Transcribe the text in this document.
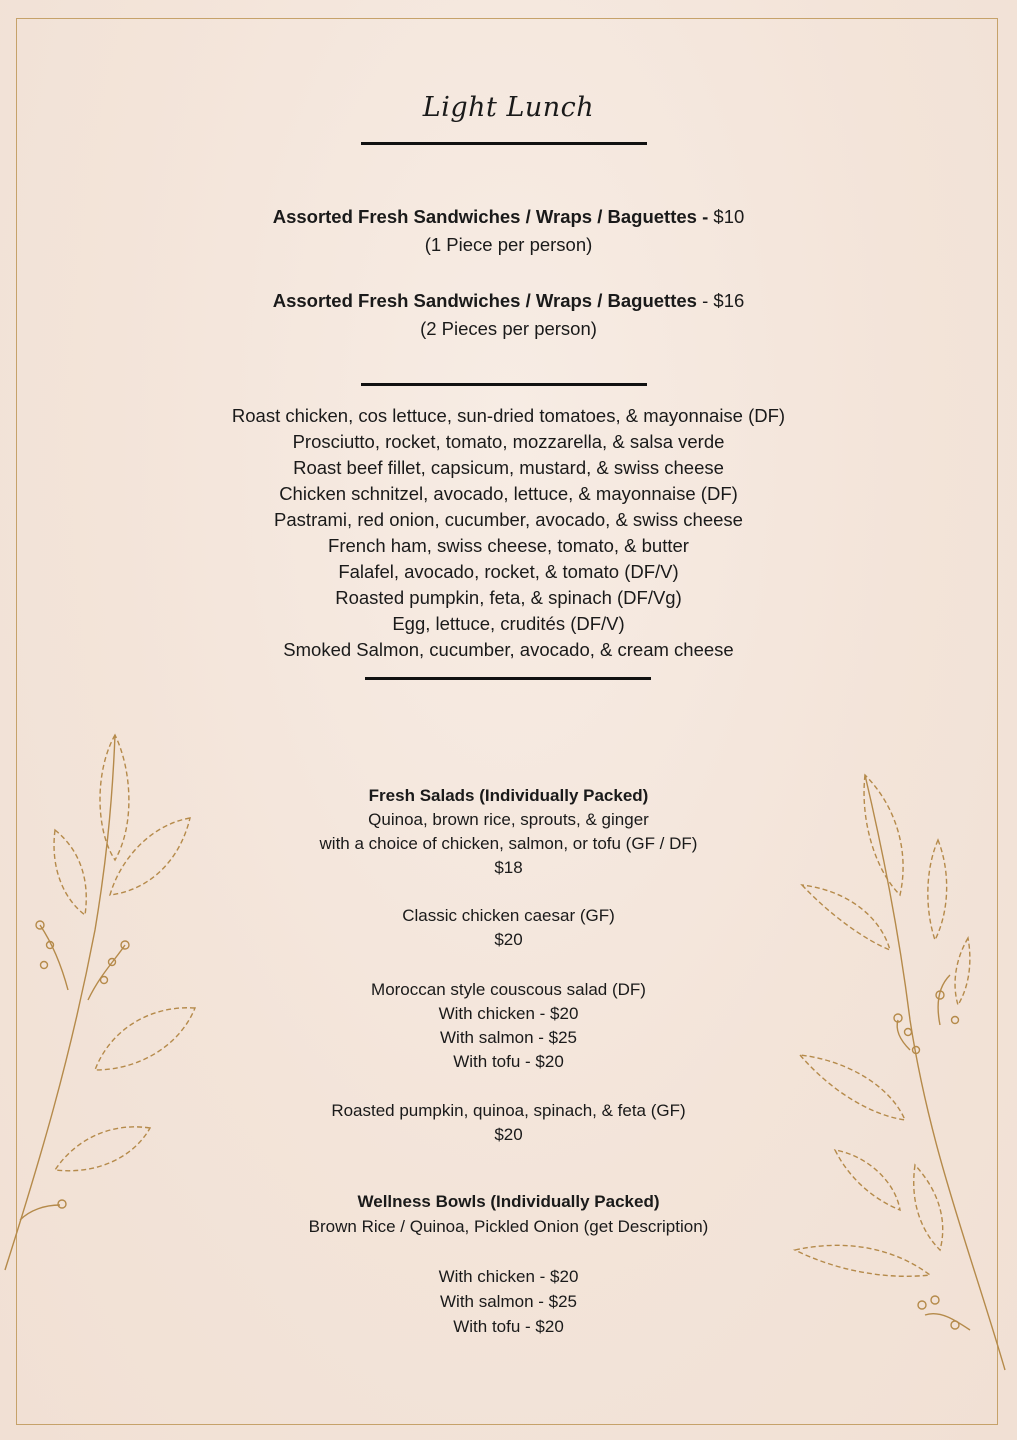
Light Lunch
Assorted Fresh Sandwiches / Wraps / Baguettes - $10
(1 Piece per person)
Assorted Fresh Sandwiches / Wraps / Baguettes - $16
(2 Pieces per person)
Roast chicken, cos lettuce, sun-dried tomatoes, & mayonnaise (DF)
Prosciutto, rocket, tomato, mozzarella, & salsa verde
Roast beef fillet, capsicum, mustard, & swiss cheese
Chicken schnitzel, avocado, lettuce, & mayonnaise (DF)
Pastrami, red onion, cucumber, avocado, & swiss cheese
French ham, swiss cheese, tomato, & butter
Falafel, avocado, rocket, & tomato (DF/V)
Roasted pumpkin, feta, & spinach (DF/Vg)
Egg, lettuce, crudités (DF/V)
Smoked Salmon, cucumber, avocado, & cream cheese
Fresh Salads (Individually Packed)
Quinoa, brown rice, sprouts, & ginger
with a choice of chicken, salmon, or tofu (GF / DF)
$18
Classic chicken caesar (GF)
$20
Moroccan style couscous salad (DF)
With chicken - $20
With salmon - $25
With tofu - $20
Roasted pumpkin, quinoa, spinach, & feta (GF)
$20
Wellness Bowls (Individually Packed)
Brown Rice / Quinoa, Pickled Onion (get Description)
With chicken - $20
With salmon - $25
With tofu - $20
